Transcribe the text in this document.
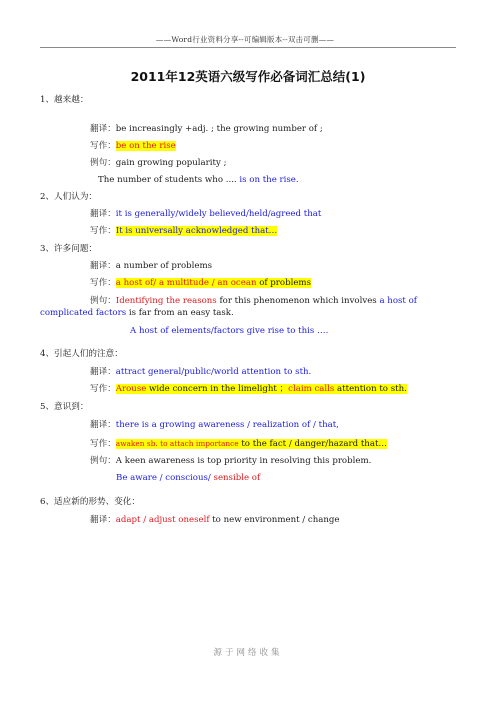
——Word行业资料分享--可编辑版本--双击可删——
2011年12英语六级写作必备词汇总结(1)
1、越来越：
翻译：be increasingly +adj. ; the growing number of ;
写作：be on the rise
例句：gain growing popularity ;
The number of students who .... is on the rise.
2、人们认为：
翻译：it is generally/widely believed/held/agreed that
写作：It is universally acknowledged that…
3、许多问题：
翻译：a number of problems
写作：a host of/ a multitude / an ocean of problems
例句：Identifying the reasons for this phenomenon which involves a host of
complicated factors is far from an easy task.
A host of elements/factors give rise to this ….
4、引起人们的注意：
翻译：attract general/public/world attention to sth.
写作：Arouse wide concern in the limelight ；claim calls attention to sth.
5、意识到：
翻译：there is a growing awareness / realization of / that,
写作：awaken sb. to attach importance to the fact / danger/hazard that…
例句：A keen awareness is top priority in resolving this problem.
Be aware / conscious/ sensible of
6、适应新的形势、变化：
翻译：adapt / adjust oneself to new environment / change
源于网络收集
